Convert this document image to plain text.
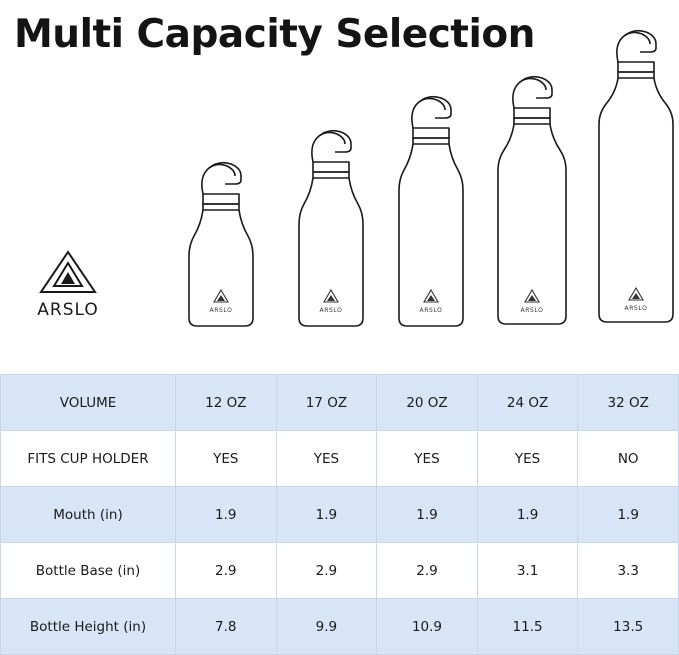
Multi Capacity Selection
ARSLO	ARSLO	ARSLO	ARSLO	ARSLO	ARSLO
VOLUME	12 OZ	17 OZ	20 OZ	24 OZ	32 OZ
FITS CUP HOLDER	YES	YES	YES	YES	NO
Mouth (in)	1.9	1.9	1.9	1.9	1.9
Bottle Base (in)	2.9	2.9	2.9	3.1	3.3
Bottle Height (in)	7.8	9.9	10.9	11.5	13.5
